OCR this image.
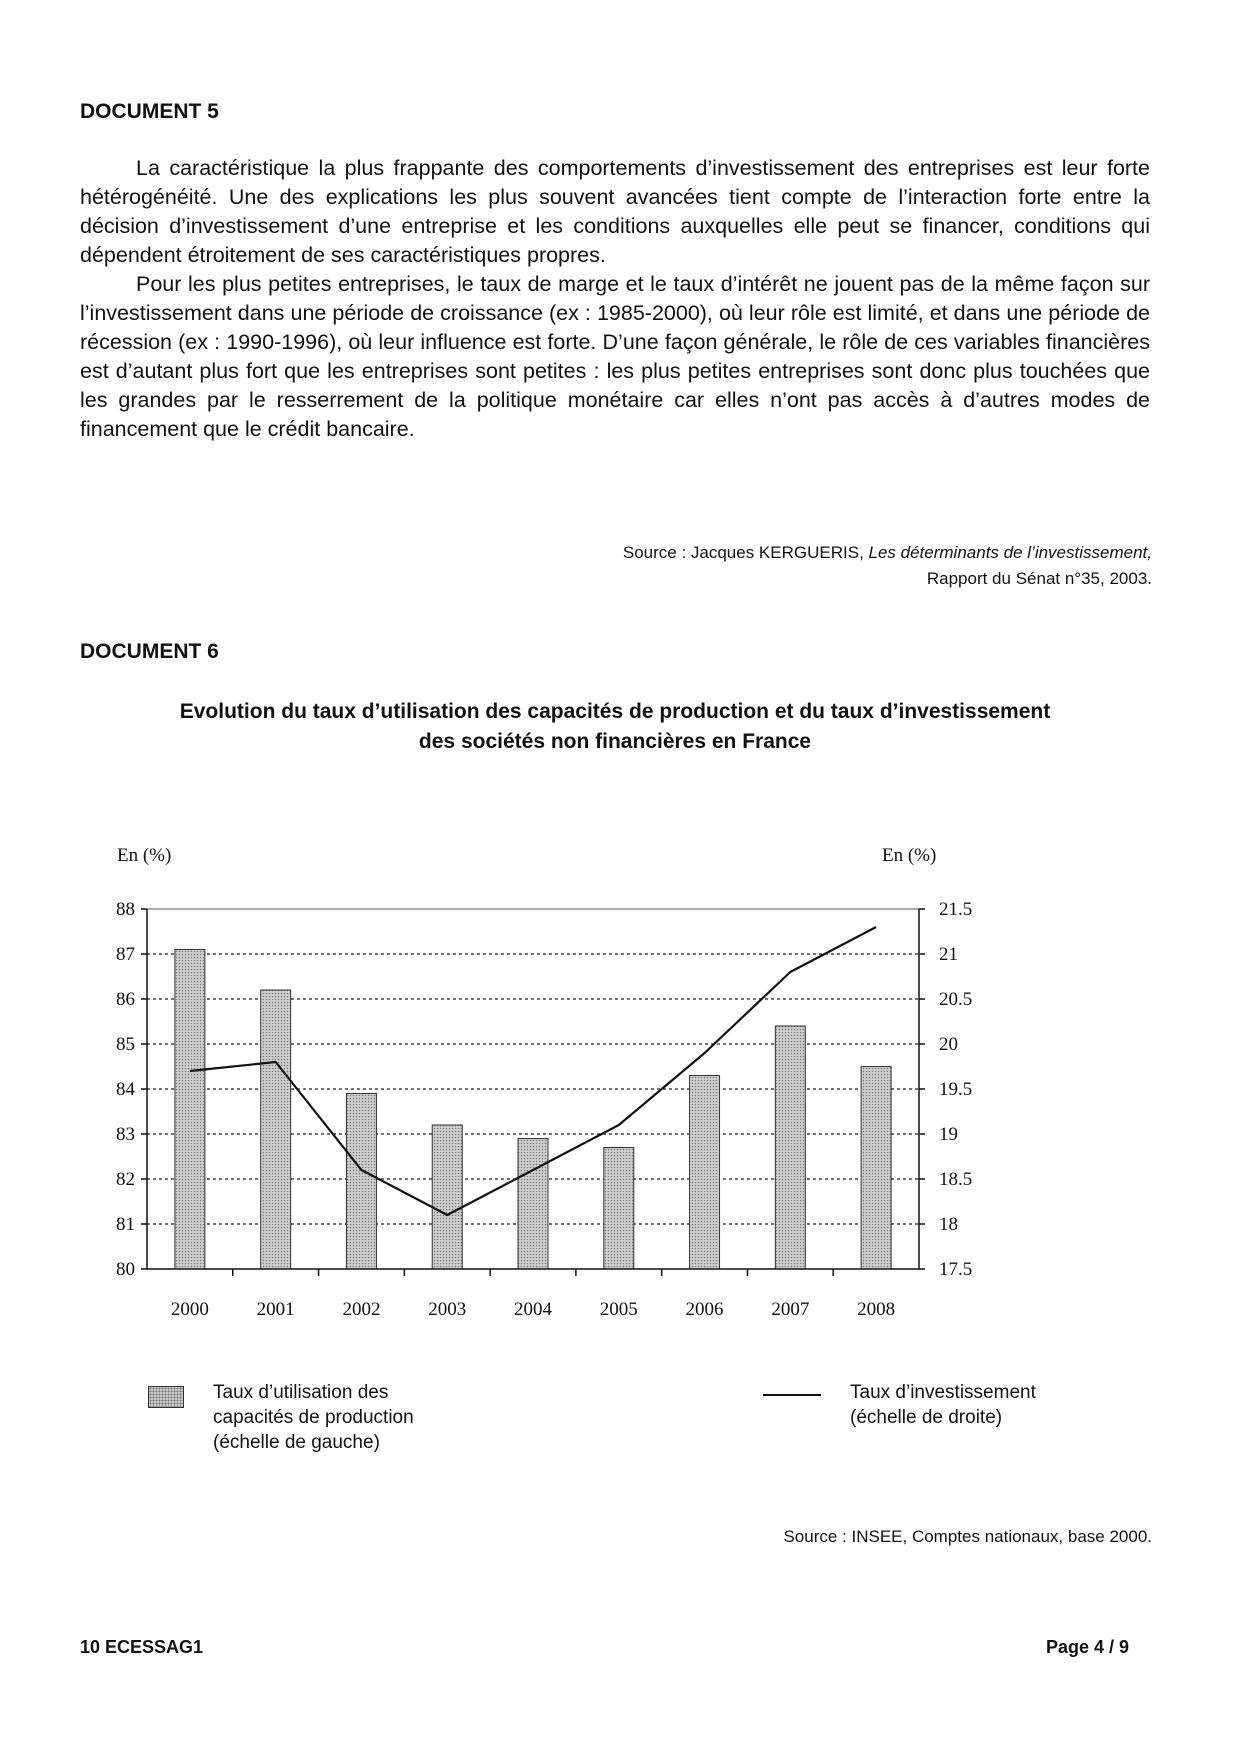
DOCUMENT 5

La caractéristique la plus frappante des comportements d’investissement des entreprises est leur forte hétérogénéité. Une des explications les plus souvent avancées tient compte de l’interaction forte entre la décision d’investissement d’une entreprise et les conditions auxquelles elle peut se financer, conditions qui dépendent étroitement de ses caractéristiques propres.

Pour les plus petites entreprises, le taux de marge et le taux d’intérêt ne jouent pas de la même façon sur l’investissement dans une période de croissance (ex : 1985-2000), où leur rôle est limité, et dans une période de récession (ex : 1990-1996), où leur influence est forte. D’une façon générale, le rôle de ces variables financières est d’autant plus fort que les entreprises sont petites : les plus petites entreprises sont donc plus touchées que les grandes par le resserrement de la politique monétaire car elles n’ont pas accès à d’autres modes de financement que le crédit bancaire.

Source : Jacques KERGUERIS, Les déterminants de l’investissement,
Rapport du Sénat n°35, 2003.
DOCUMENT 6
Evolution du taux d’utilisation des capacités de production et du taux d’investissement
des sociétés non financières en France
En (%)	En (%)
88	21.5
87	21
86	20.5
85	20
84	19.5
83	19
82	18.5
81	18
80	17.5
2000	2001	2002	2003	2004	2005	2006	2007	2008
Taux d’utilisation des
capacités de production
(échelle de gauche)
Taux d’investissement
(échelle de droite)
Source : INSEE, Comptes nationaux, base 2000.
10 ECESSAG1	Page 4 / 9
